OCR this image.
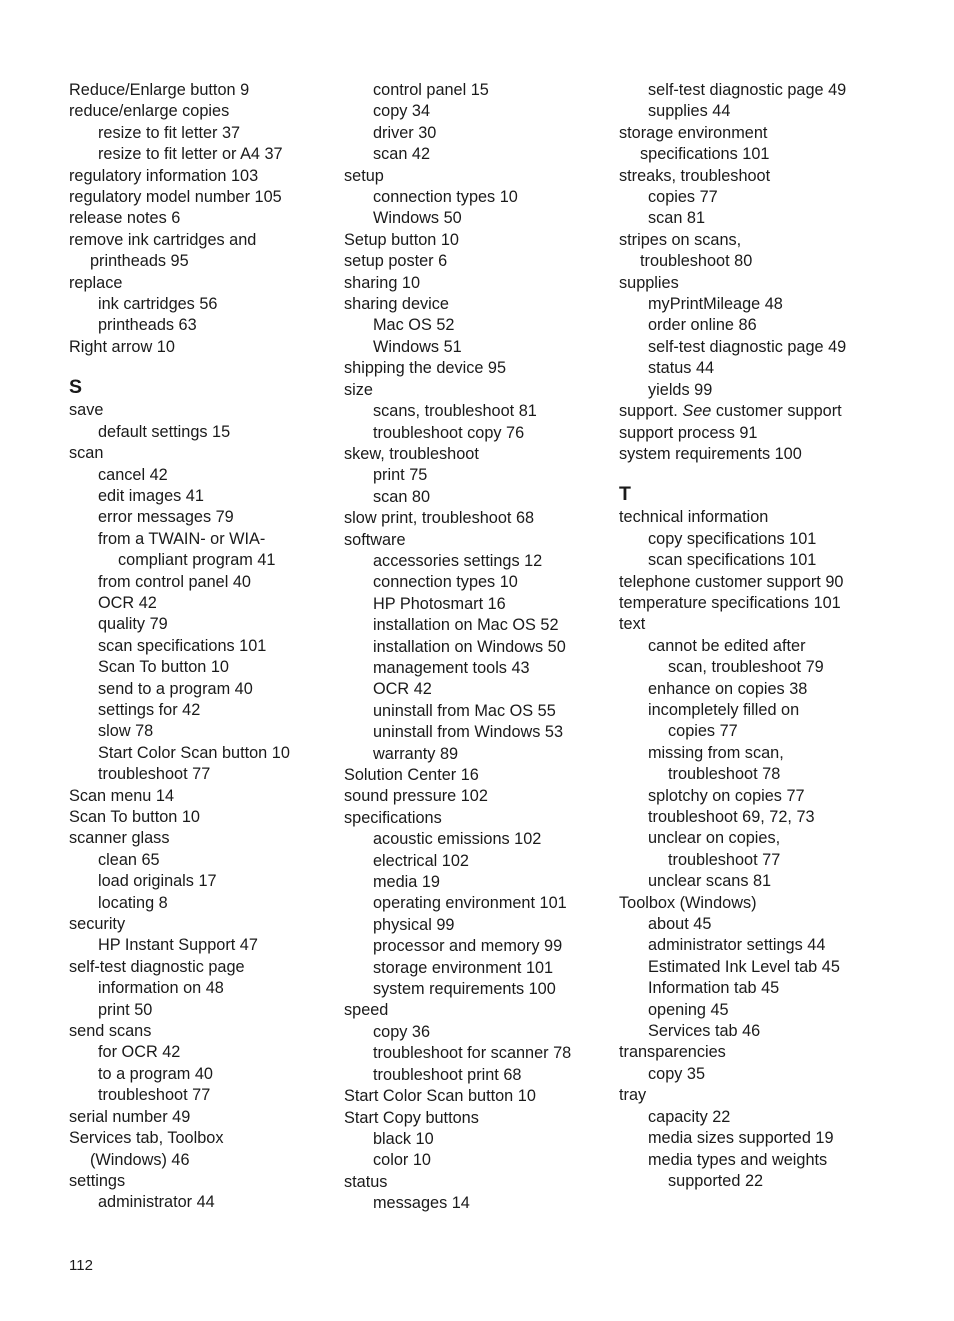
Reduce/Enlarge button 9
reduce/enlarge copies
resize to fit letter 37
resize to fit letter or A4 37
regulatory information 103
regulatory model number 105
release notes 6
remove ink cartridges and
printheads 95
replace
ink cartridges 56
printheads 63
Right arrow 10
S
save
default settings 15
scan
cancel 42
edit images 41
error messages 79
from a TWAIN- or WIA-
compliant program 41
from control panel 40
OCR 42
quality 79
scan specifications 101
Scan To button 10
send to a program 40
settings for 42
slow 78
Start Color Scan button 10
troubleshoot 77
Scan menu 14
Scan To button 10
scanner glass
clean 65
load originals 17
locating 8
security
HP Instant Support 47
self-test diagnostic page
information on 48
print 50
send scans
for OCR 42
to a program 40
troubleshoot 77
serial number 49
Services tab, Toolbox
(Windows) 46
settings
administrator 44
control panel 15
copy 34
driver 30
scan 42
setup
connection types 10
Windows 50
Setup button 10
setup poster 6
sharing 10
sharing device
Mac OS 52
Windows 51
shipping the device 95
size
scans, troubleshoot 81
troubleshoot copy 76
skew, troubleshoot
print 75
scan 80
slow print, troubleshoot 68
software
accessories settings 12
connection types 10
HP Photosmart 16
installation on Mac OS 52
installation on Windows 50
management tools 43
OCR 42
uninstall from Mac OS 55
uninstall from Windows 53
warranty 89
Solution Center 16
sound pressure 102
specifications
acoustic emissions 102
electrical 102
media 19
operating environment 101
physical 99
processor and memory 99
storage environment 101
system requirements 100
speed
copy 36
troubleshoot for scanner 78
troubleshoot print 68
Start Color Scan button 10
Start Copy buttons
black 10
color 10
status
messages 14
self-test diagnostic page 49
supplies 44
storage environment
specifications 101
streaks, troubleshoot
copies 77
scan 81
stripes on scans,
troubleshoot 80
supplies
myPrintMileage 48
order online 86
self-test diagnostic page 49
status 44
yields 99
support. See customer support
support process 91
system requirements 100
T
technical information
copy specifications 101
scan specifications 101
telephone customer support 90
temperature specifications 101
text
cannot be edited after
scan, troubleshoot 79
enhance on copies 38
incompletely filled on
copies 77
missing from scan,
troubleshoot 78
splotchy on copies 77
troubleshoot 69, 72, 73
unclear on copies,
troubleshoot 77
unclear scans 81
Toolbox (Windows)
about 45
administrator settings 44
Estimated Ink Level tab 45
Information tab 45
opening 45
Services tab 46
transparencies
copy 35
tray
capacity 22
media sizes supported 19
media types and weights
supported 22
112
